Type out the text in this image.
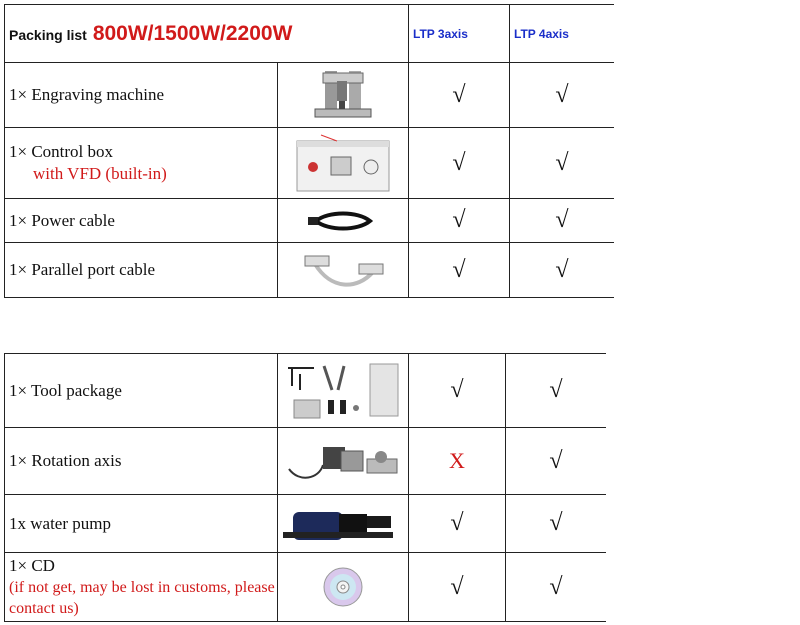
Packing list 800W/1500W/2200W		LTP 3axis	LTP 4axis
1× Engraving machine		√	√

1× Control box
with VFD (built-in)		√	√
1× Power cable		√	√
1× Parallel port cable		√	√
1× Tool package		√	√
1× Rotation axis		X	√
1x water pump		√	√

1× CD
(if not get, may be lost in customs, please contact us)		√	√
